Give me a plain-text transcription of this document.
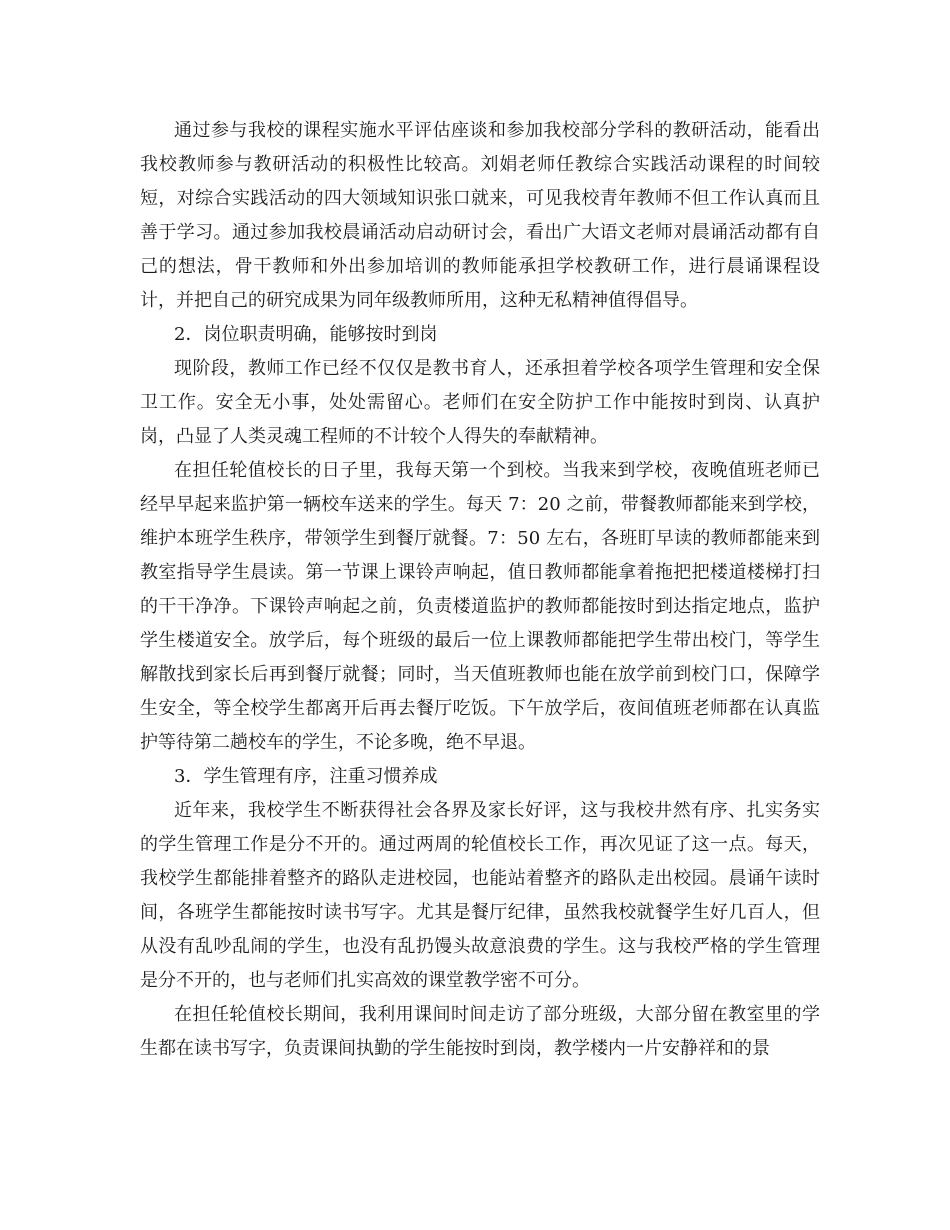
通过参与我校的课程实施水平评估座谈和参加我校部分学科的教研活动，能看出我校教师参与教研活动的积极性比较高。刘娟老师任教综合实践活动课程的时间较短，对综合实践活动的四大领域知识张口就来，可见我校青年教师不但工作认真而且善于学习。通过参加我校晨诵活动启动研讨会，看出广大语文老师对晨诵活动都有自己的想法，骨干教师和外出参加培训的教师能承担学校教研工作，进行晨诵课程设计，并把自己的研究成果为同年级教师所用，这种无私精神值得倡导。

2．岗位职责明确，能够按时到岗

现阶段，教师工作已经不仅仅是教书育人，还承担着学校各项学生管理和安全保卫工作。安全无小事，处处需留心。老师们在安全防护工作中能按时到岗、认真护岗，凸显了人类灵魂工程师的不计较个人得失的奉献精神。

在担任轮值校长的日子里，我每天第一个到校。当我来到学校，夜晚值班老师已经早早起来监护第一辆校车送来的学生。每天 7：20 之前，带餐教师都能来到学校，维护本班学生秩序，带领学生到餐厅就餐。7：50 左右，各班盯早读的教师都能来到教室指导学生晨读。第一节课上课铃声响起，值日教师都能拿着拖把把楼道楼梯打扫的干干净净。下课铃声响起之前，负责楼道监护的教师都能按时到达指定地点，监护学生楼道安全。放学后，每个班级的最后一位上课教师都能把学生带出校门，等学生解散找到家长后再到餐厅就餐；同时，当天值班教师也能在放学前到校门口，保障学生安全，等全校学生都离开后再去餐厅吃饭。下午放学后，夜间值班老师都在认真监护等待第二趟校车的学生，不论多晚，绝不早退。

3．学生管理有序，注重习惯养成

近年来，我校学生不断获得社会各界及家长好评，这与我校井然有序、扎实务实的学生管理工作是分不开的。通过两周的轮值校长工作，再次见证了这一点。每天，我校学生都能排着整齐的路队走进校园，也能站着整齐的路队走出校园。晨诵午读时间，各班学生都能按时读书写字。尤其是餐厅纪律，虽然我校就餐学生好几百人，但从没有乱吵乱闹的学生，也没有乱扔馒头故意浪费的学生。这与我校严格的学生管理是分不开的，也与老师们扎实高效的课堂教学密不可分。

在担任轮值校长期间，我利用课间时间走访了部分班级，大部分留在教室里的学生都在读书写字，负责课间执勤的学生能按时到岗，教学楼内一片安静祥和的景
